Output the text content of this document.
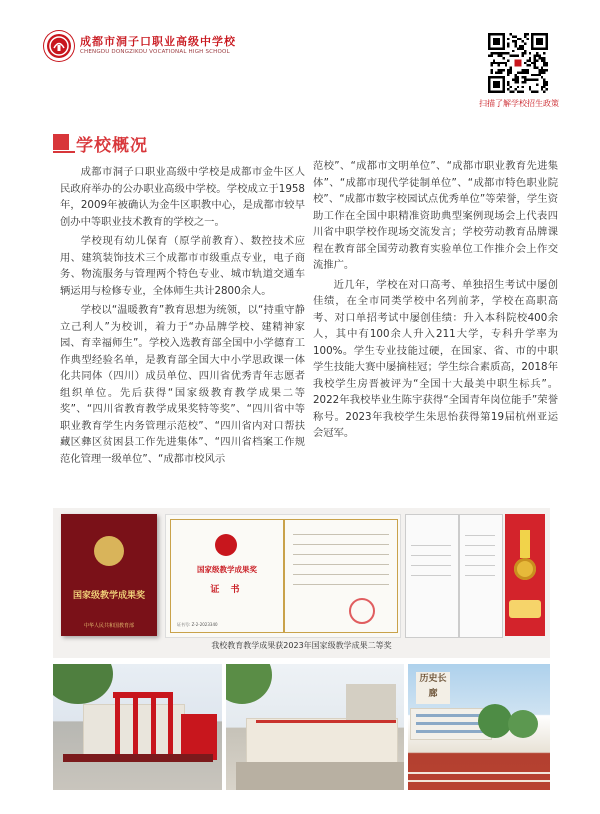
成都市洞子口职业高级中学校
CHENGDU DONGZIKOU VOCATIONAL HIGH SCHOOL
扫描了解学校招生政策
学校概况

成都市洞子口职业高级中学校是成都市金牛区人民政府举办的公办职业高级中学校。学校成立于1958年，2009年被确认为金牛区职教中心，是成都市较早创办中等职业技术教育的学校之一。

学校现有幼儿保育（原学前教育）、数控技术应用、建筑装饰技术三个成都市市级重点专业，电子商务、物流服务与管理两个特色专业、城市轨道交通车辆运用与检修专业，全体师生共计2800余人。

学校以“温暖教育”教育思想为统领，以“持重守静 立己利人”为校训，着力于“办品牌学校、建精神家园、育幸福师生”。学校入选教育部全国中小学德育工作典型经验名单，是教育部全国大中小学思政课一体化共同体（四川）成员单位、四川省优秀青年志愿者组织单位。先后获得“国家级教育教学成果二等奖”、“四川省教育教学成果奖特等奖”、“四川省中等职业教育学生内务管理示范校”、“四川省内对口帮扶藏区彝区贫困县工作先进集体”、“四川省档案工作规范化管理一级单位”、“成都市校风示

范校”、“成都市文明单位”、“成都市职业教育先进集体”、“成都市现代学徒制单位”、“成都市特色职业院校”、“成都市数字校园试点优秀单位”等荣誉，学生资助工作在全国中职精准资助典型案例现场会上代表四川省中职学校作现场交流发言；学校劳动教育品牌课程在教育部全国劳动教育实验单位工作推介会上作交流推广。

近几年，学校在对口高考、单独招生考试中屡创佳绩，在全市同类学校中名列前茅，学校在高职高考、对口单招考试中屡创佳绩：升入本科院校400余人，其中有100余人升入211大学，专科升学率为100%。学生专业技能过硬，在国家、省、市的中职学生技能大赛中屡摘桂冠；学生综合素质高，2018年我校学生房晋被评为“全国十大最美中职生标兵”。2022年我校毕业生陈宇获得“全国青年岗位能手”荣誉称号。2023年我校学生朱思怡获得第19届杭州亚运会冠军。

国家级教学成果奖
中华人民共和国教育部
国家级教学成果奖
证 书
证书号: Z-2-2023340
我校教育教学成果获2023年国家级教学成果二等奖
历史长廊
